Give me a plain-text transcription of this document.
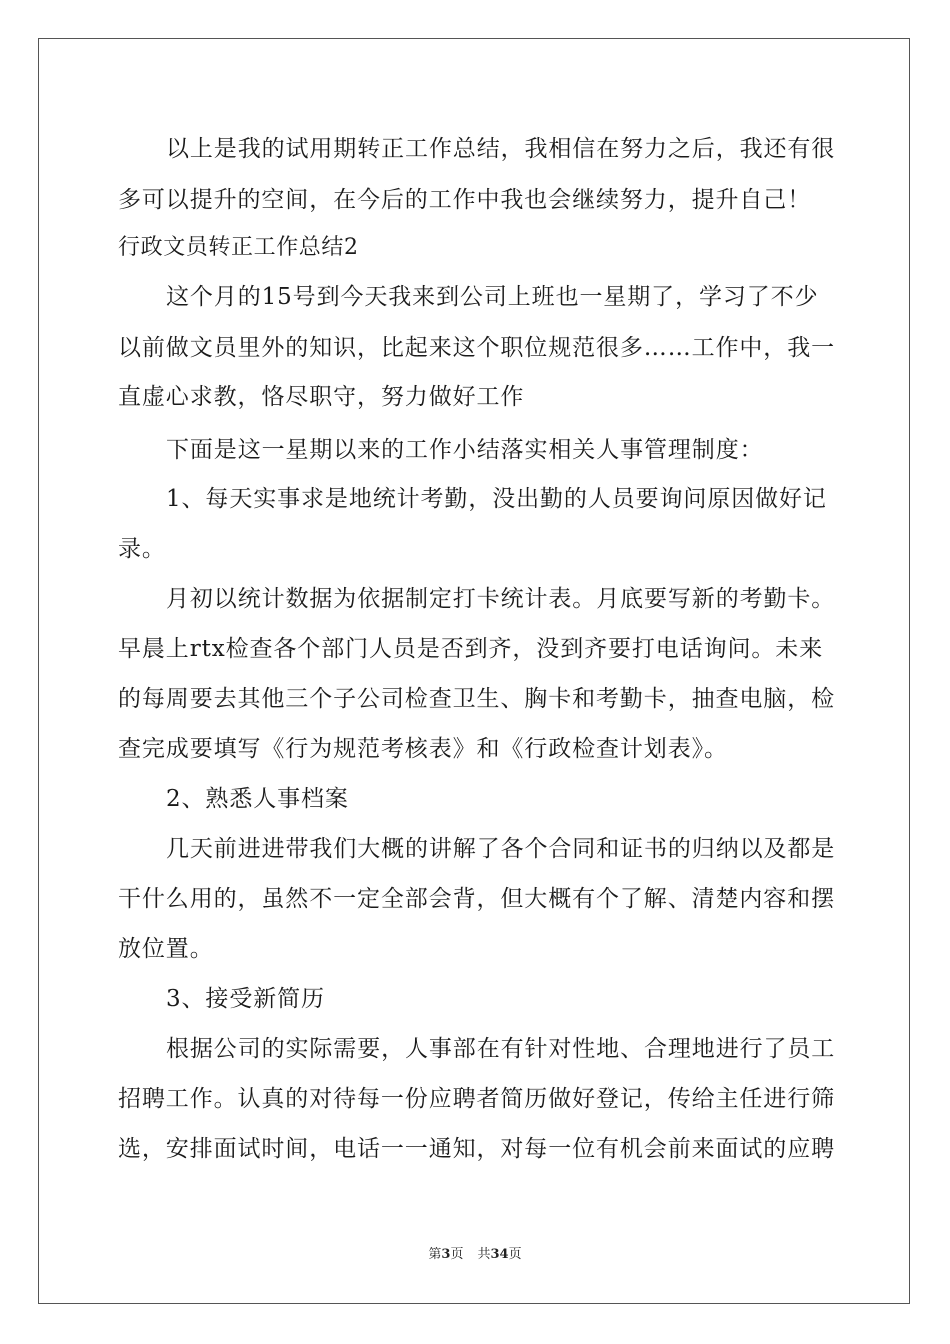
以上是我的试用期转正工作总结，我相信在努力之后，我还有很
多可以提升的空间，在今后的工作中我也会继续努力，提升自己！
行政文员转正工作总结2
这个月的15号到今天我来到公司上班也一星期了，学习了不少
以前做文员里外的知识，比起来这个职位规范很多……工作中，我一
直虚心求教，恪尽职守，努力做好工作
下面是这一星期以来的工作小结落实相关人事管理制度：
1、每天实事求是地统计考勤，没出勤的人员要询问原因做好记
录。
月初以统计数据为依据制定打卡统计表。月底要写新的考勤卡。
早晨上rtx检查各个部门人员是否到齐，没到齐要打电话询问。未来
的每周要去其他三个子公司检查卫生、胸卡和考勤卡，抽查电脑，检
查完成要填写《行为规范考核表》和《行政检查计划表》。
2、熟悉人事档案
几天前进进带我们大概的讲解了各个合同和证书的归纳以及都是
干什么用的，虽然不一定全部会背，但大概有个了解、清楚内容和摆
放位置。
3、接受新简历
根据公司的实际需要，人事部在有针对性地、合理地进行了员工
招聘工作。认真的对待每一份应聘者简历做好登记，传给主任进行筛
选，安排面试时间，电话一一通知，对每一位有机会前来面试的应聘
第3页 共34页
